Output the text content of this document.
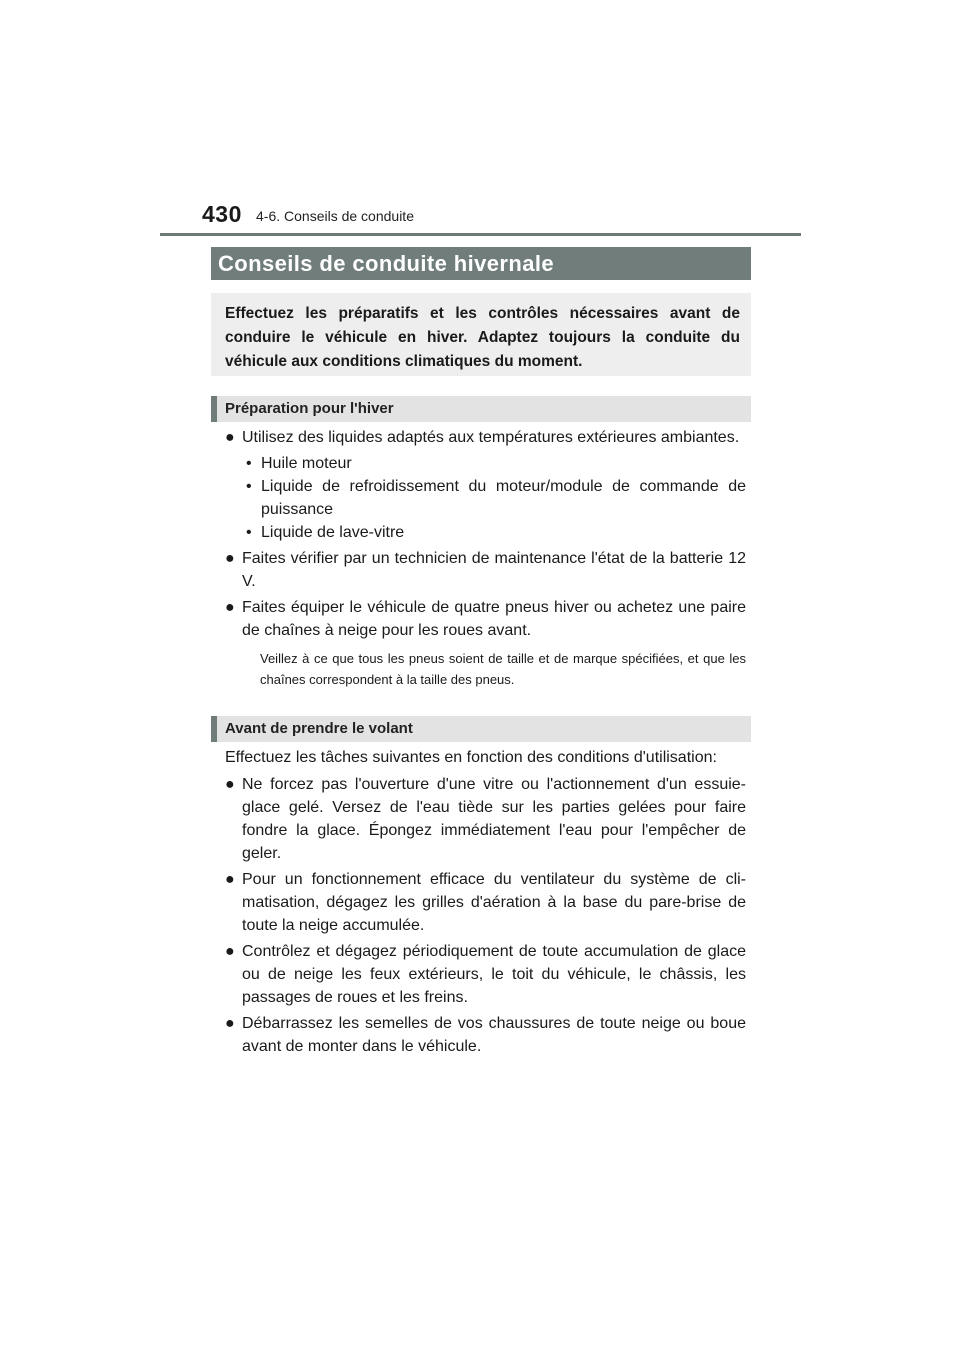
430 4-6. Conseils de conduite
Conseils de conduite hivernale
Effectuez les préparatifs et les contrôles nécessaires avant de conduire le véhicule en hiver. Adaptez toujours la conduite du véhicule aux conditions climatiques du moment.
Préparation pour l'hiver
● Utilisez des liquides adaptés aux températures extérieures ambiantes.
• Huile moteur
• Liquide de refroidissement du moteur/module de commande de puissance
• Liquide de lave-vitre
● Faites vérifier par un technicien de maintenance l'état de la batterie 12 V.
● Faites équiper le véhicule de quatre pneus hiver ou achetez une paire de chaînes à neige pour les roues avant.
Veillez à ce que tous les pneus soient de taille et de marque spécifiées, et que les chaînes correspondent à la taille des pneus.
Avant de prendre le volant
Effectuez les tâches suivantes en fonction des conditions d'utilisation:
● Ne forcez pas l'ouverture d'une vitre ou l'actionnement d'un essuie-glace gelé. Versez de l'eau tiède sur les parties gelées pour faire fondre la glace. Épongez immédiatement l'eau pour l'empêcher de geler.
● Pour un fonctionnement efficace du ventilateur du système de cli-matisation, dégagez les grilles d'aération à la base du pare-brise de toute la neige accumulée.
● Contrôlez et dégagez périodiquement de toute accumulation de glace ou de neige les feux extérieurs, le toit du véhicule, le châssis, les passages de roues et les freins.
● Débarrassez les semelles de vos chaussures de toute neige ou boue avant de monter dans le véhicule.
